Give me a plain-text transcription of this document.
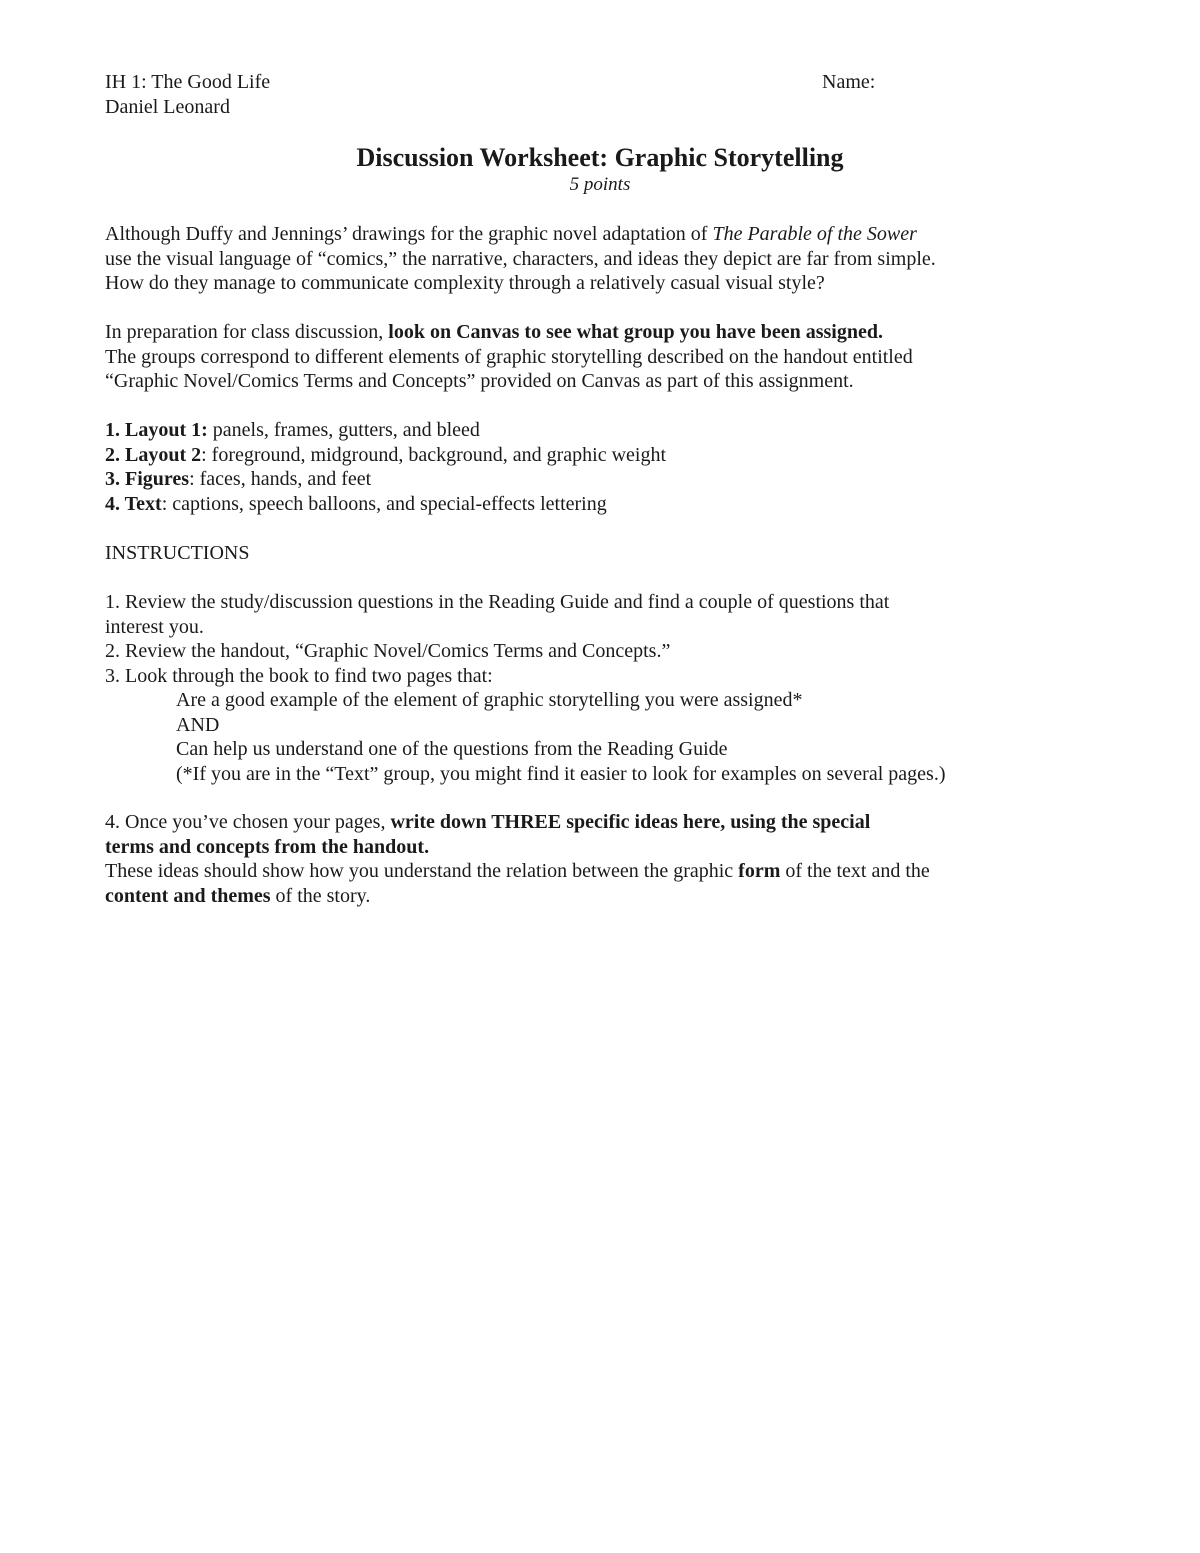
IH 1: The Good Life
Daniel Leonard
Name:
Discussion Worksheet: Graphic Storytelling
5 points
Although Duffy and Jennings’ drawings for the graphic novel adaptation of The Parable of the Sower
use the visual language of “comics,” the narrative, characters, and ideas they depict are far from simple.
How do they manage to communicate complexity through a relatively casual visual style?
In preparation for class discussion, look on Canvas to see what group you have been assigned.
The groups correspond to different elements of graphic storytelling described on the handout entitled
“Graphic Novel/Comics Terms and Concepts” provided on Canvas as part of this assignment.
1. Layout 1: panels, frames, gutters, and bleed
2. Layout 2: foreground, midground, background, and graphic weight
3. Figures: faces, hands, and feet
4. Text: captions, speech balloons, and special-effects lettering
INSTRUCTIONS
1. Review the study/discussion questions in the Reading Guide and find a couple of questions that
interest you.
2. Review the handout, “Graphic Novel/Comics Terms and Concepts.”
3. Look through the book to find two pages that:
Are a good example of the element of graphic storytelling you were assigned*
AND
Can help us understand one of the questions from the Reading Guide
(*If you are in the “Text” group, you might find it easier to look for examples on several pages.)
4. Once you’ve chosen your pages, write down THREE specific ideas here, using the special
terms and concepts from the handout.
These ideas should show how you understand the relation between the graphic form of the text and the
content and themes of the story.
